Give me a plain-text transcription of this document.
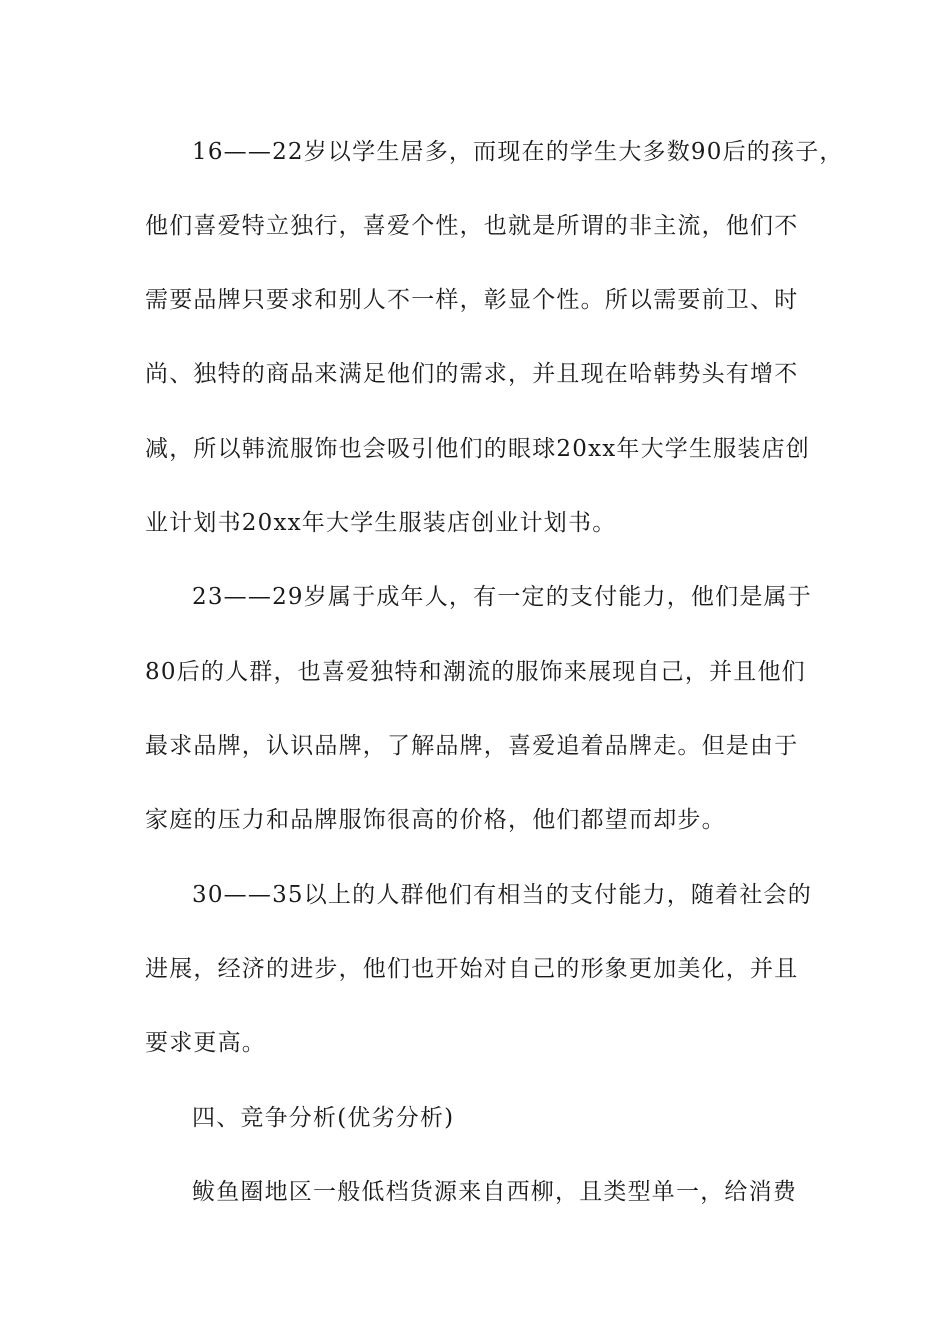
16——22岁以学生居多，而现在的学生大多数90后的孩子，
他们喜爱特立独行，喜爱个性，也就是所谓的非主流，他们不
需要品牌只要求和别人不一样，彰显个性。所以需要前卫、时
尚、独特的商品来满足他们的需求，并且现在哈韩势头有增不
减，所以韩流服饰也会吸引他们的眼球20xx年大学生服装店创
业计划书20xx年大学生服装店创业计划书。
23——29岁属于成年人，有一定的支付能力，他们是属于
80后的人群，也喜爱独特和潮流的服饰来展现自己，并且他们
最求品牌，认识品牌，了解品牌，喜爱追着品牌走。但是由于
家庭的压力和品牌服饰很高的价格，他们都望而却步。
30——35以上的人群他们有相当的支付能力，随着社会的
进展，经济的进步，他们也开始对自己的形象更加美化，并且
要求更高。
四、竞争分析(优劣分析)
鲅鱼圈地区一般低档货源来自西柳，且类型单一，给消费
